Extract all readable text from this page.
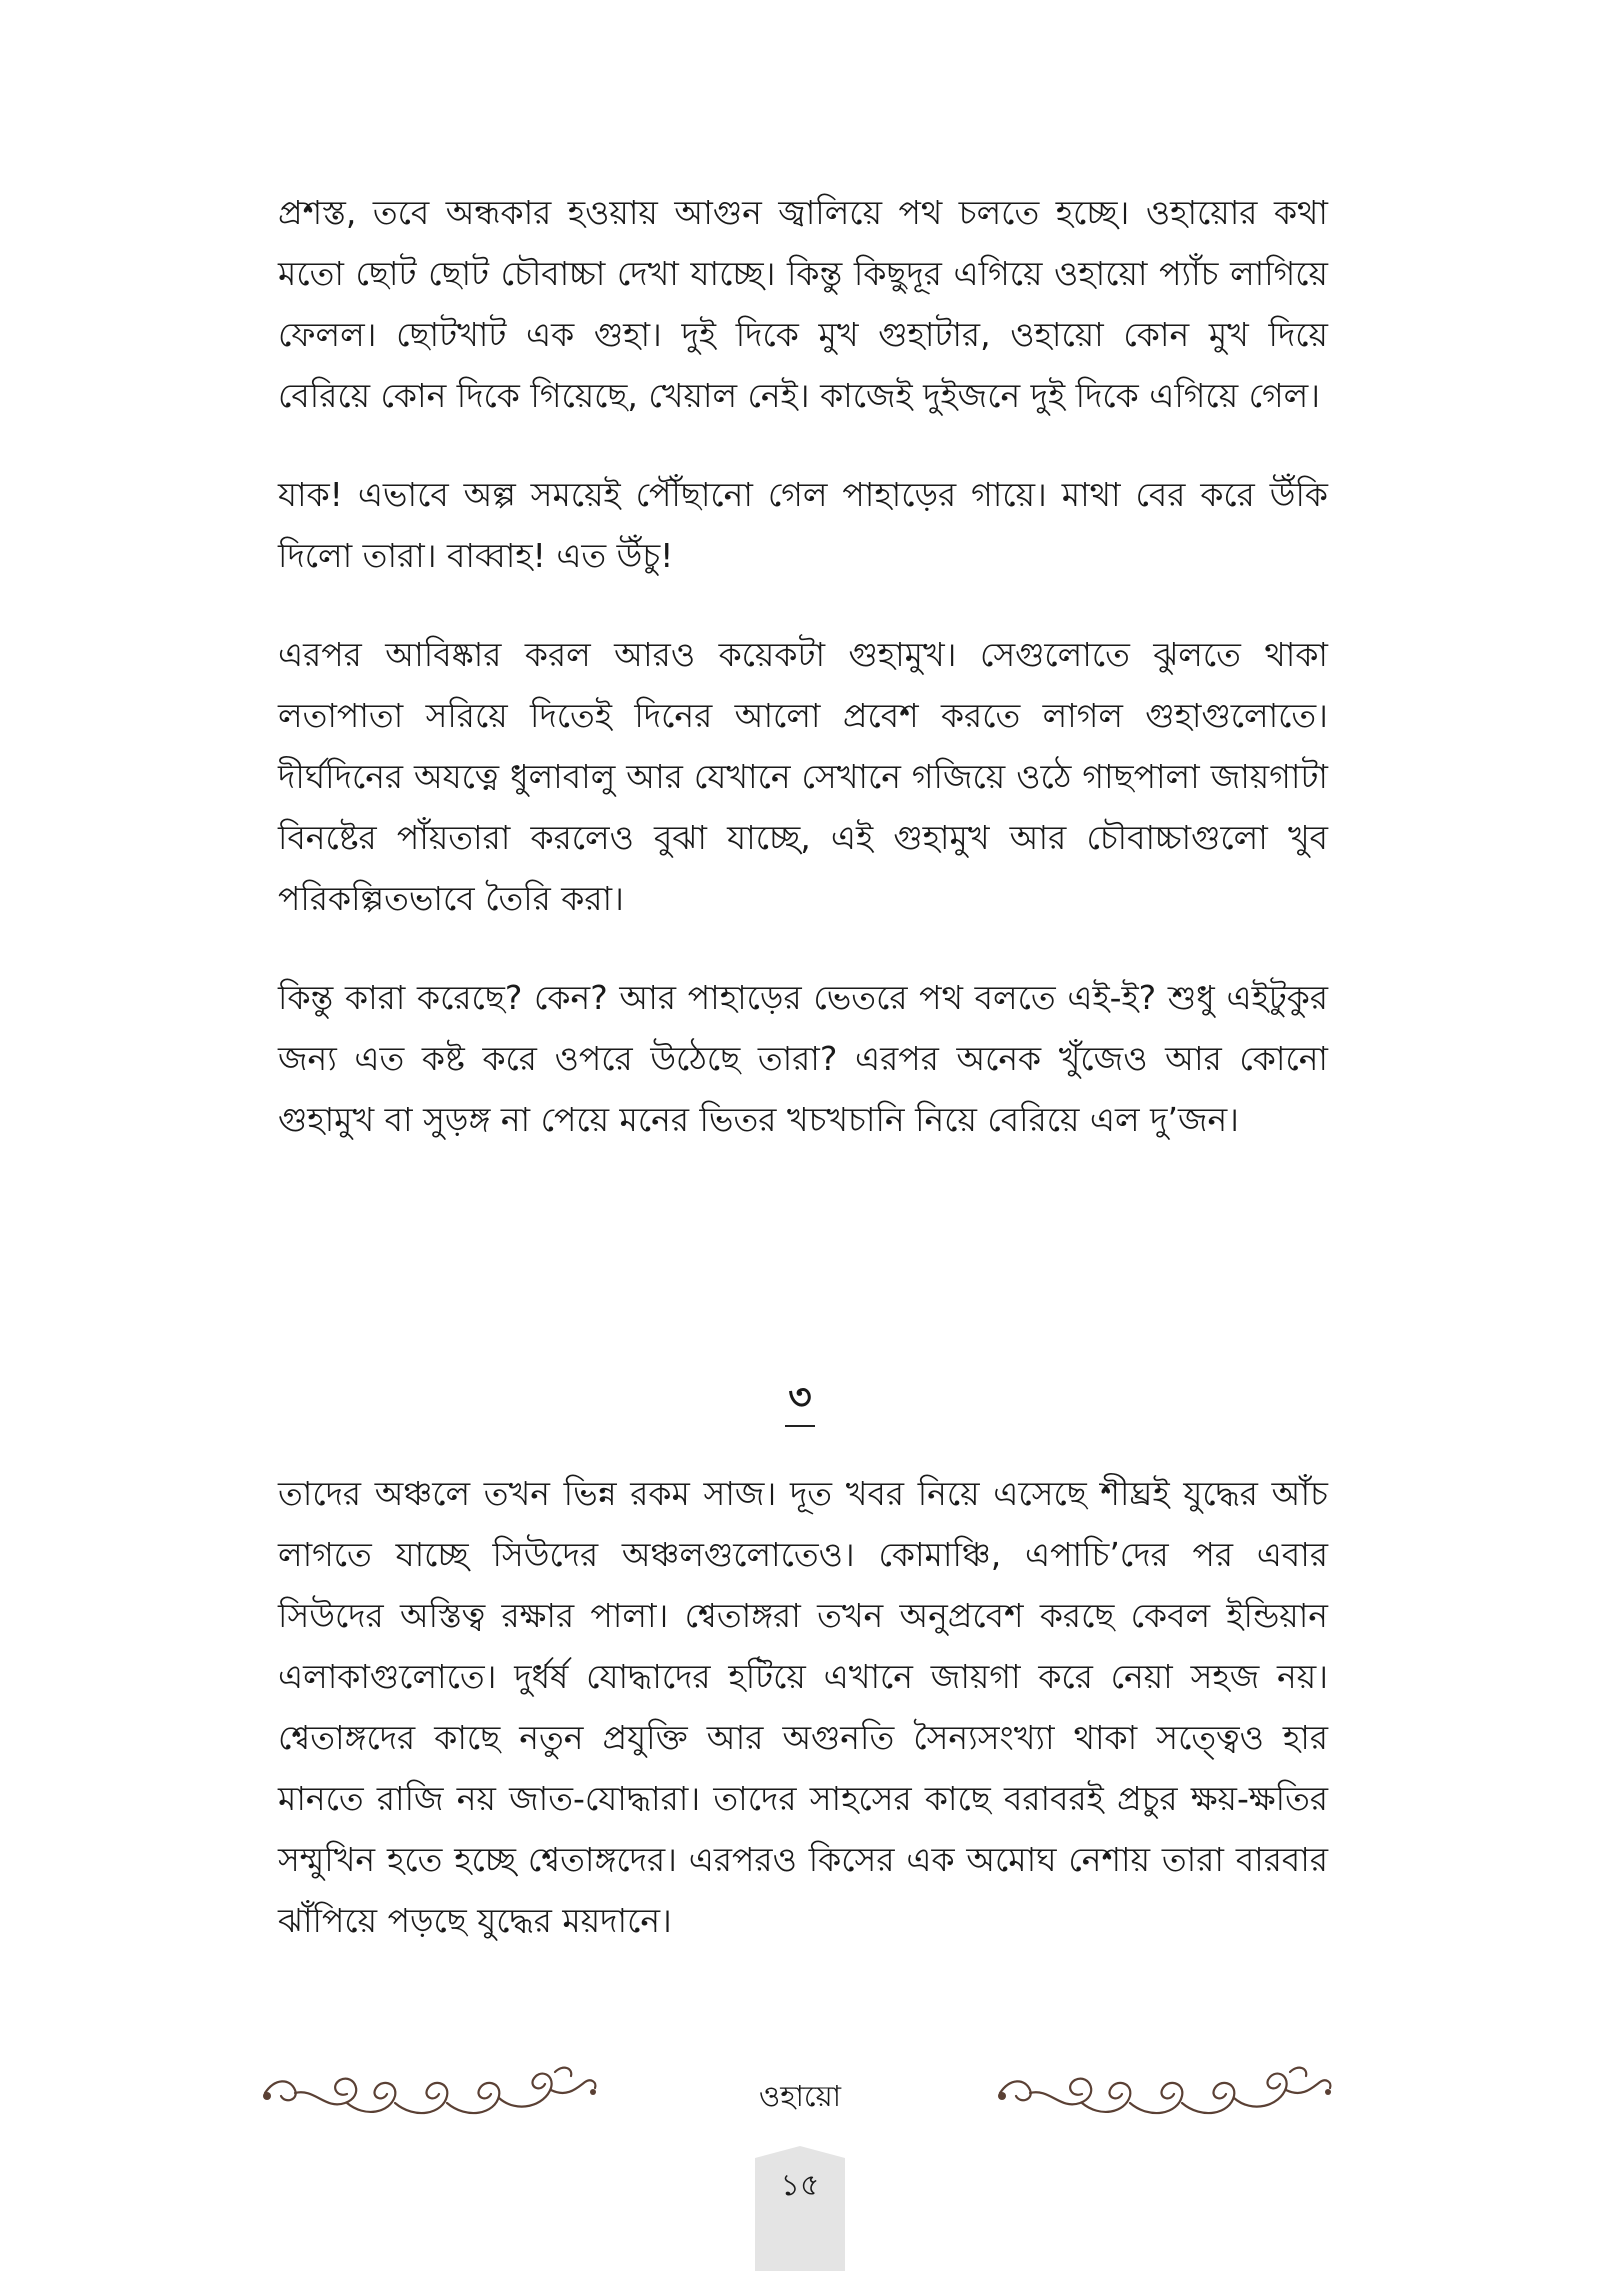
প্রশস্ত, তবে অন্ধকার হওয়ায় আগুন জ্বালিয়ে পথ চলতে হচ্ছে। ওহায়োর কথা মতো ছোট ছোট চৌবাচ্চা দেখা যাচ্ছে। কিন্তু কিছুদূর এগিয়ে ওহায়ো প্যাঁচ লাগিয়ে ফেলল। ছোটখাট এক গুহা। দুই দিকে মুখ গুহাটার, ওহায়ো কোন মুখ দিয়ে বেরিয়ে কোন দিকে গিয়েছে, খেয়াল নেই। কাজেই দুইজনে দুই দিকে এগিয়ে গেল।

যাক! এভাবে অল্প সময়েই পৌঁছানো গেল পাহাড়ের গায়ে। মাথা বের করে উঁকি দিলো তারা। বাব্বাহ! এত উঁচু!

এরপর আবিষ্কার করল আরও কয়েকটা গুহামুখ। সেগুলোতে ঝুলতে থাকা লতাপাতা সরিয়ে দিতেই দিনের আলো প্রবেশ করতে লাগল গুহাগুলোতে। দীর্ঘদিনের অযত্নে ধুলাবালু আর যেখানে সেখানে গজিয়ে ওঠে গাছপালা জায়গাটা বিনষ্টের পাঁয়তারা করলেও বুঝা যাচ্ছে, এই গুহামুখ আর চৌবাচ্চাগুলো খুব পরিকল্পিতভাবে তৈরি করা।

কিন্তু কারা করেছে? কেন? আর পাহাড়ের ভেতরে পথ বলতে এই-ই? শুধু এইটুকুর জন্য এত কষ্ট করে ওপরে উঠেছে তারা? এরপর অনেক খুঁজেও আর কোনো গুহামুখ বা সুড়ঙ্গ না পেয়ে মনের ভিতর খচখচানি নিয়ে বেরিয়ে এল দু’জন।

৩

তাদের অঞ্চলে তখন ভিন্ন রকম সাজ। দূত খবর নিয়ে এসেছে শীঘ্রই যুদ্ধের আঁচ লাগতে যাচ্ছে সিউদের অঞ্চলগুলোতেও। কোমাঞ্চি, এপাচি’দের পর এবার সিউদের অস্তিত্ব রক্ষার পালা। শ্বেতাঙ্গরা তখন অনুপ্রবেশ করছে কেবল ইন্ডিয়ান এলাকাগুলোতে। দুর্ধর্ষ যোদ্ধাদের হটিয়ে এখানে জায়গা করে নেয়া সহজ নয়। শ্বেতাঙ্গদের কাছে নতুন প্রযুক্তি আর অগুনতি সৈন্যসংখ্যা থাকা সত্ত্বেও হার মানতে রাজি নয় জাত-যোদ্ধারা। তাদের সাহসের কাছে বরাবরই প্রচুর ক্ষয়-ক্ষতির সম্মুখিন হতে হচ্ছে শ্বেতাঙ্গদের। এরপরও কিসের এক অমোঘ নেশায় তারা বারবার ঝাঁপিয়ে পড়ছে যুদ্ধের ময়দানে।

ওহায়ো
১৫
